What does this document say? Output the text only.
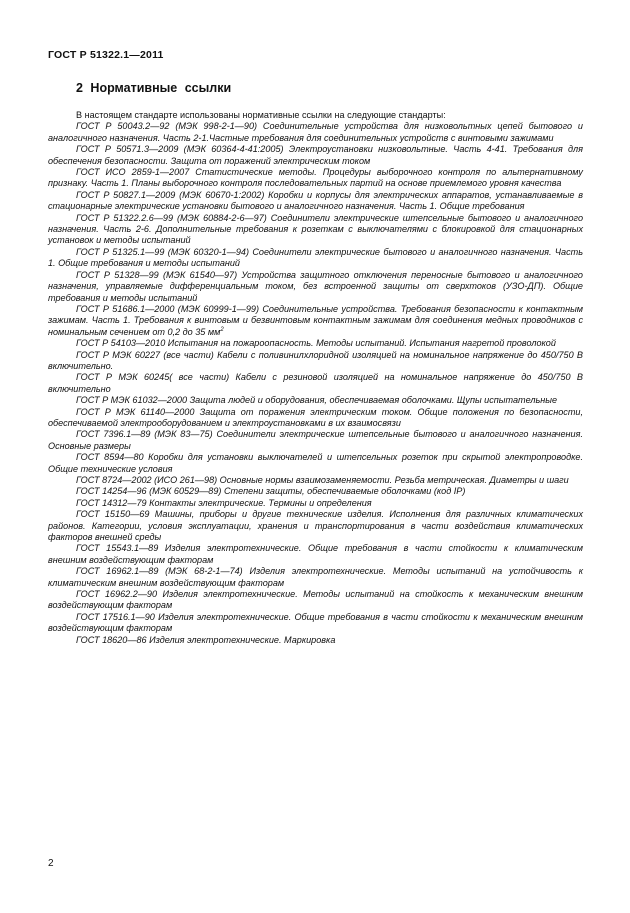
ГОСТ Р 51322.1—2011
2 Нормативные ссылки

В настоящем стандарте использованы нормативные ссылки на следующие стандарты:

ГОСТ Р 50043.2—92 (МЭК 998-2-1—90) Соединительные устройства для низковольтных цепей бытового и аналогичного назначения. Часть 2-1.Частные требования для соединительных устройств с винтовыми зажимами

ГОСТ Р 50571.3—2009 (МЭК 60364-4-41:2005) Электроустановки низковольтные. Часть 4-41. Требования для обеспечения безопасности. Защита от поражений электрическим током

ГОСТ ИСО 2859-1—2007 Статистические методы. Процедуры выборочного контроля по альтернативному признаку. Часть 1. Планы выборочного контроля последовательных партий на основе приемлемого уровня качества

ГОСТ Р 50827.1—2009 (МЭК 60670-1:2002) Коробки и корпусы для электрических аппаратов, устанавливаемые в стационарные электрические установки бытового и аналогичного назначения. Часть 1. Общие требования

ГОСТ Р 51322.2.6—99 (МЭК 60884-2-6—97) Соединители электрические штепсельные бытового и аналогичного назначения. Часть 2-6. Дополнительные требования к розеткам с выключателями с блокировкой для стационарных установок и методы испытаний

ГОСТ Р 51325.1—99 (МЭК 60320-1—94) Соединители электрические бытового и аналогичного назначения. Часть 1. Общие требования и методы испытаний

ГОСТ Р 51328—99 (МЭК 61540—97) Устройства защитного отключения переносные бытового и аналогичного назначения, управляемые дифференциальным током, без встроенной защиты от сверхтоков (УЗО-ДП). Общие требования и методы испытаний

ГОСТ Р 51686.1—2000 (МЭК 60999-1—99) Соединительные устройства. Требования безопасности к контактным зажимам. Часть 1. Требования к винтовым и безвинтовым контактным зажимам для соединения медных проводников с номинальным сечением от 0,2 до 35 $мм^2$

ГОСТ Р 54103—2010 Испытания на пожароопасность. Методы испытаний. Испытания нагретой проволокой

ГОСТ Р МЭК 60227 (все части) Кабели с поливинилхлоридной изоляцией на номинальное напряжение до 450/750 В включительно.

ГОСТ Р МЭК 60245( все части) Кабели с резиновой изоляцией на номинальное напряжение до 450/750 В включительно

ГОСТ Р МЭК 61032—2000 Защита людей и оборудования, обеспечиваемая оболочками. Щупы испытательные

ГОСТ Р МЭК 61140—2000 Защита от поражения электрическим током. Общие положения по безопасности, обеспечиваемой электрооборудованием и электроустановками в их взаимосвязи

ГОСТ 7396.1—89 (МЭК 83—75) Соединители электрические штепсельные бытового и аналогичного назначения. Основные размеры

ГОСТ 8594—80 Коробки для установки выключателей и штепсельных розеток при скрытой электропроводке. Общие технические условия

ГОСТ 8724—2002 (ИСО 261—98) Основные нормы взаимозаменяемости. Резьба метрическая. Диаметры и шаги

ГОСТ 14254—96 (МЭК 60529—89) Степени защиты, обеспечиваемые оболочками (код IP)

ГОСТ 14312—79 Контакты электрические. Термины и определения

ГОСТ 15150—69 Машины, приборы и другие технические изделия. Исполнения для различных климатических районов. Категории, условия эксплуатации, хранения и транспортирования в части воздействия климатических факторов внешней среды

ГОСТ 15543.1—89 Изделия электротехнические. Общие требования в части стойкости к климатическим внешним воздействующим факторам

ГОСТ 16962.1—89 (МЭК 68-2-1—74) Изделия электротехнические. Методы испытаний на устойчивость к климатическим внешним воздействующим факторам

ГОСТ 16962.2—90 Изделия электротехнические. Методы испытаний на стойкость к механическим внешним воздействующим факторам

ГОСТ 17516.1—90 Изделия электротехнические. Общие требования в части стойкости к механическим внешним воздействующим факторам

ГОСТ 18620—86 Изделия электротехнические. Маркировка

2
